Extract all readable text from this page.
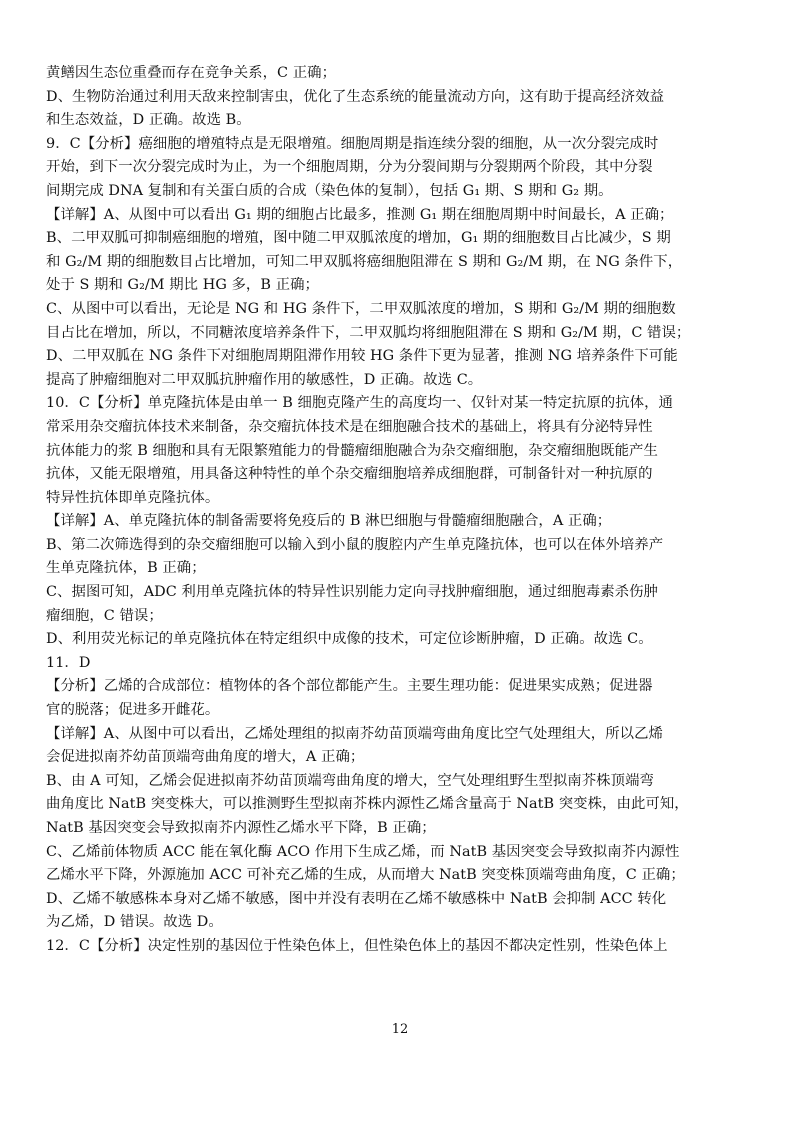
黄鳝因生态位重叠而存在竞争关系，C 正确；
D、生物防治通过利用天敌来控制害虫，优化了生态系统的能量流动方向，这有助于提高经济效益
和生态效益，D 正确。故选 B。
9．C【分析】癌细胞的增殖特点是无限增殖。细胞周期是指连续分裂的细胞，从一次分裂完成时
开始，到下一次分裂完成时为止，为一个细胞周期，分为分裂间期与分裂期两个阶段，其中分裂
间期完成 DNA 复制和有关蛋白质的合成（染色体的复制），包括 G₁ 期、S 期和 G₂ 期。
【详解】A、从图中可以看出 G₁ 期的细胞占比最多，推测 G₁ 期在细胞周期中时间最长，A 正确；
B、二甲双胍可抑制癌细胞的增殖，图中随二甲双胍浓度的增加，G₁ 期的细胞数目占比减少，S 期
和 G₂/M 期的细胞数目占比增加，可知二甲双胍将癌细胞阻滞在 S 期和 G₂/M 期，在 NG 条件下，
处于 S 期和 G₂/M 期比 HG 多，B 正确；
C、从图中可以看出，无论是 NG 和 HG 条件下，二甲双胍浓度的增加，S 期和 G₂/M 期的细胞数
目占比在增加，所以，不同糖浓度培养条件下，二甲双胍均将细胞阻滞在 S 期和 G₂/M 期，C 错误；
D、二甲双胍在 NG 条件下对细胞周期阻滞作用较 HG 条件下更为显著，推测 NG 培养条件下可能
提高了肿瘤细胞对二甲双胍抗肿瘤作用的敏感性，D 正确。故选 C。
10．C【分析】单克隆抗体是由单一 B 细胞克隆产生的高度均一、仅针对某一特定抗原的抗体，通
常采用杂交瘤抗体技术来制备，杂交瘤抗体技术是在细胞融合技术的基础上，将具有分泌特异性
抗体能力的浆 B 细胞和具有无限繁殖能力的骨髓瘤细胞融合为杂交瘤细胞，杂交瘤细胞既能产生
抗体，又能无限增殖，用具备这种特性的单个杂交瘤细胞培养成细胞群，可制备针对一种抗原的
特异性抗体即单克隆抗体。
【详解】A、单克隆抗体的制备需要将免疫后的 B 淋巴细胞与骨髓瘤细胞融合，A 正确；
B、第二次筛选得到的杂交瘤细胞可以输入到小鼠的腹腔内产生单克隆抗体，也可以在体外培养产
生单克隆抗体，B 正确；
C、据图可知，ADC 利用单克隆抗体的特异性识别能力定向寻找肿瘤细胞，通过细胞毒素杀伤肿
瘤细胞，C 错误；
D、利用荧光标记的单克隆抗体在特定组织中成像的技术，可定位诊断肿瘤，D 正确。故选 C。
11．D
【分析】乙烯的合成部位：植物体的各个部位都能产生。主要生理功能：促进果实成熟；促进器
官的脱落；促进多开雌花。
【详解】A、从图中可以看出，乙烯处理组的拟南芥幼苗顶端弯曲角度比空气处理组大，所以乙烯
会促进拟南芥幼苗顶端弯曲角度的增大，A 正确；
B、由 A 可知，乙烯会促进拟南芥幼苗顶端弯曲角度的增大，空气处理组野生型拟南芥株顶端弯
曲角度比 NatB 突变株大，可以推测野生型拟南芥株内源性乙烯含量高于 NatB 突变株，由此可知，
NatB 基因突变会导致拟南芥内源性乙烯水平下降，B 正确；
C、乙烯前体物质 ACC 能在氧化酶 ACO 作用下生成乙烯，而 NatB 基因突变会导致拟南芥内源性
乙烯水平下降，外源施加 ACC 可补充乙烯的生成，从而增大 NatB 突变株顶端弯曲角度，C 正确；
D、乙烯不敏感株本身对乙烯不敏感，图中并没有表明在乙烯不敏感株中 NatB 会抑制 ACC 转化
为乙烯，D 错误。故选 D。
12．C【分析】决定性别的基因位于性染色体上，但性染色体上的基因不都决定性别，性染色体上
12
